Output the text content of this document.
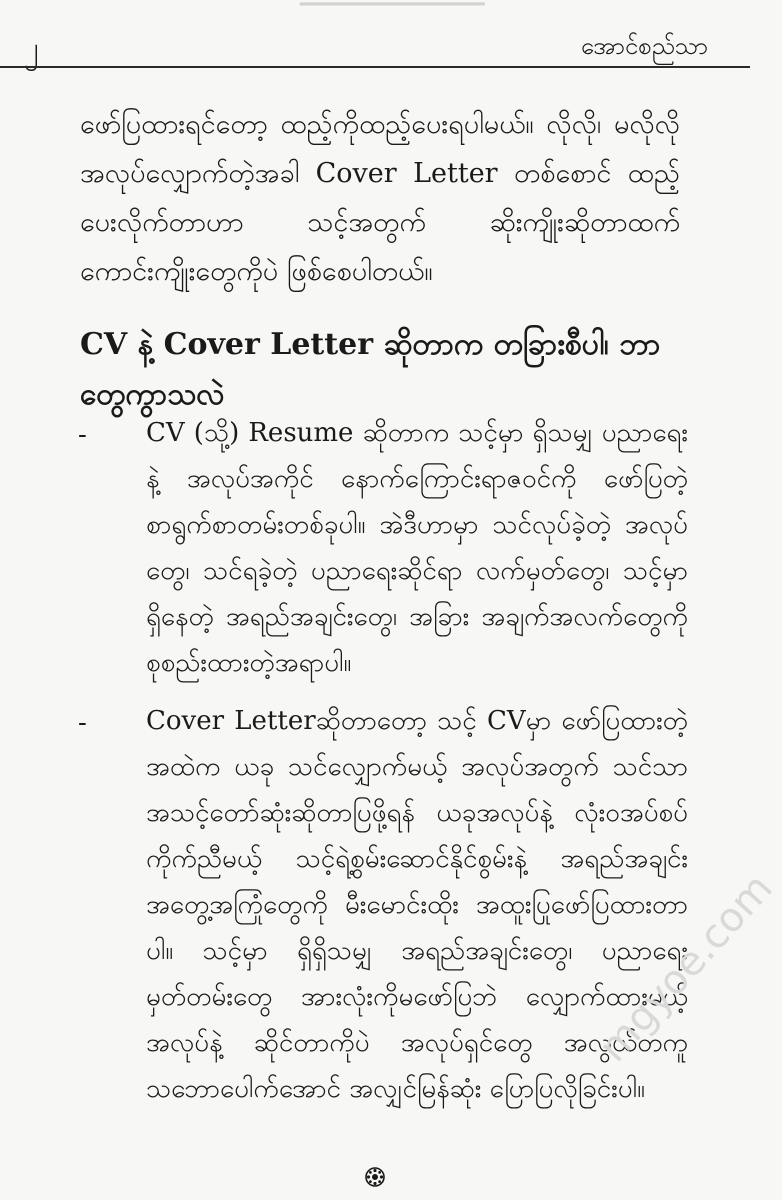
▔▔▔▔▔▔▔▔▔▔▔▔
၂	အောင်စည်သာ

ဖော်ပြထားရင်တော့ ထည့်ကိုထည့်ပေးရပါမယ်။ လိုလို၊ မလိုလို အလုပ်လျှောက်တဲ့အခါ Cover Letter တစ်စောင် ထည့်ပေးလိုက်တာဟာ သင့်အတွက် ဆိုးကျိုးဆိုတာထက် ကောင်းကျိုးတွေကိုပဲ ဖြစ်စေပါတယ်။

CV နဲ့ Cover Letter ဆိုတာက တခြားစီပါ၊ ဘာတွေကွာသလဲ
- CV (သို့) Resume ဆိုတာက သင့်မှာ ရှိသမျှ ပညာရေးနဲ့ အလုပ်အကိုင် နောက်ကြောင်းရာဇဝင်ကို ဖော်ပြတဲ့စာရွက်စာတမ်းတစ်ခုပါ။ အဲဒီဟာမှာ သင်လုပ်ခဲ့တဲ့ အလုပ်တွေ၊ သင်ရခဲ့တဲ့ ပညာရေးဆိုင်ရာ လက်မှတ်တွေ၊ သင့်မှာ ရှိနေတဲ့ အရည်အချင်းတွေ၊ အခြား အချက်အလက်တွေကို စုစည်းထားတဲ့အရာပါ။
- Cover Letterဆိုတာတော့ သင့် CVမှာ ဖော်ပြထားတဲ့ အထဲက ယခု သင်လျှောက်မယ့် အလုပ်အတွက် သင်သာ အသင့်တော်ဆုံးဆိုတာပြဖို့ရန် ယခုအလုပ်နဲ့ လုံးဝအပ်စပ်ကိုက်ညီမယ့် သင့်ရဲ့စွမ်းဆောင်နိုင်စွမ်းနဲ့ အရည်အချင်း အတွေ့အကြုံတွေကို မီးမောင်းထိုး အထူးပြုဖော်ပြထားတာပါ။ သင့်မှာ ရှိရှိသမျှ အရည်အချင်းတွေ၊ ပညာရေးမှတ်တမ်းတွေ အားလုံးကိုမဖော်ပြဘဲ လျှောက်ထားမယ့် အလုပ်နဲ့ ဆိုင်တာကိုပဲ အလုပ်ရှင်တွေ အလွယ်တကူ သဘောပေါက်အောင် အလျှင်မြန်ဆုံး ပြောပြလိုခြင်းပါ။
mgyoe.com
